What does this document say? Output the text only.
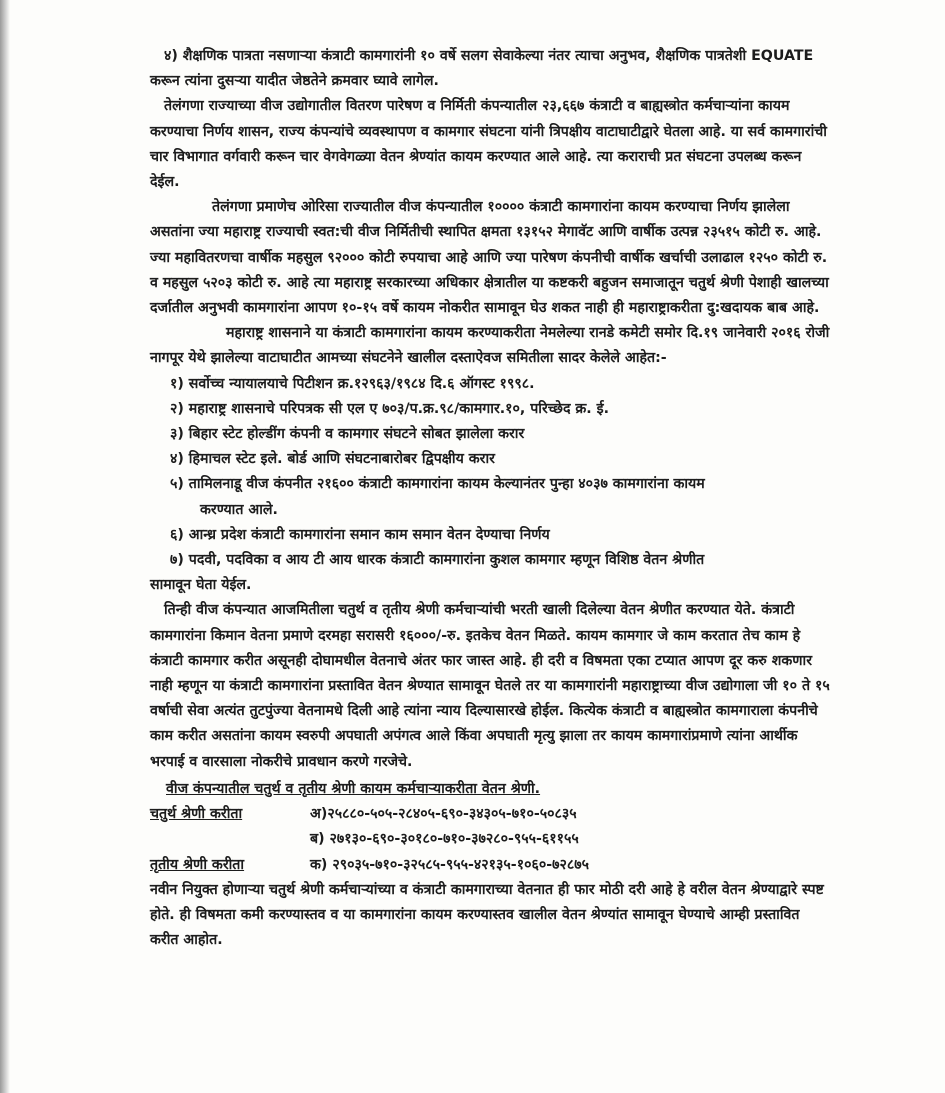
४) शैक्षणिक पात्रता नसणाऱ्या कंत्राटी कामगारांनी १० वर्षे सलग सेवाकेल्या नंतर त्याचा अनुभव, शैक्षणिक पात्रतेशी EQUATE करून त्यांना दुसऱ्या यादीत जेष्ठतेने क्रमवार घ्यावे लागेल.

तेलंगणा राज्याच्या वीज उद्योगातील वितरण पारेषण व निर्मिती कंपन्यातील २३,६६७ कंत्राटी व बाह्यस्त्रोत कर्मचाऱ्यांना कायम करण्याचा निर्णय शासन, राज्य कंपन्यांचे व्यवस्थापण व कामगार संघटना यांनी त्रिपक्षीय वाटाघाटीद्वारे घेतला आहे. या सर्व कामगारांची चार विभागात वर्गवारी करून चार वेगवेगळ्या वेतन श्रेण्यांत कायम करण्यात आले आहे. त्या कराराची प्रत संघटना उपलब्ध करून देईल.

तेलंगणा प्रमाणेच ओरिसा राज्यातील वीज कंपन्यातील १०००० कंत्राटी कामगारांना कायम करण्याचा निर्णय झालेला असतांना ज्या महाराष्ट्र राज्याची स्वत:ची वीज निर्मितीची स्थापित क्षमता १३१५२ मेगावॅट आणि वार्षीक उत्पन्न २३५१५ कोटी रु. आहे. ज्या महावितरणचा वार्षीक महसुल ९२००० कोटी रुपयाचा आहे आणि ज्या पारेषण कंपनीची वार्षीक खर्चाची उलाढाल १२५० कोटी रु. व महसुल ५२०३ कोटी रु. आहे त्या महाराष्ट्र सरकारच्या अधिकार क्षेत्रातील या कष्टकरी बहुजन समाजातून चतुर्थ श्रेणी पेशाही खालच्या दर्जातील अनुभवी कामगारांना आपण १०-१५ वर्षे कायम नोकरीत सामावून घेउ शकत नाही ही महाराष्ट्राकरीता दु:खदायक बाब आहे.

महाराष्ट्र शासनाने या कंत्राटी कामगारांना कायम करण्याकरीता नेमलेल्या रानडे कमेटी समोर दि.१९ जानेवारी २०१६ रोजी नागपूर येथे झालेल्या वाटाघाटीत आमच्या संघटनेने खालील दस्ताऐवज समितीला सादर केलेले आहेत:-

१) सर्वोच्च न्यायालयाचे पिटीशन क्र.१२९६३/१९८४ दि.६ ऑगस्ट १९९८.
२) महाराष्ट्र शासनाचे परिपत्रक सी एल ए ७०३/प.क्र.९८/कामगार.१०, परिच्छेद क्र. ई.
३) बिहार स्टेट होल्डींग कंपनी व कामगार संघटने सोबत झालेला करार
४) हिमाचल स्टेट इले. बोर्ड आणि संघटनाबारोबर द्विपक्षीय करार
५) तामिलनाडू वीज कंपनीत २१६०० कंत्राटी कामगारांना कायम केल्यानंतर पुन्हा ४०३७ कामगारांना कायम
करण्यात आले.
६) आन्ध्र प्रदेश कंत्राटी कामगारांना समान काम समान वेतन देण्याचा निर्णय
७) पदवी, पदविका व आय टी आय धारक कंत्राटी कामगारांना कुशल कामगार म्हणून विशिष्ठ वेतन श्रेणीत

सामावून घेता येईल.

तिन्ही वीज कंपन्यात आजमितीला चतुर्थ व तृतीय श्रेणी कर्मचाऱ्यांची भरती खाली दिलेल्या वेतन श्रेणीत करण्यात येते. कंत्राटी कामगारांना किमान वेतना प्रमाणे दरमहा सरासरी १६०००/-रु. इतकेच वेतन मिळते. कायम कामगार जे काम करतात तेच काम हे कंत्राटी कामगार करीत असूनही दोघामधील वेतनाचे अंतर फार जास्त आहे. ही दरी व विषमता एका टप्यात आपण दूर करु शकणार नाही म्हणून या कंत्राटी कामगारांना प्रस्तावित वेतन श्रेण्यात सामावून घेतले तर या कामगारांनी महाराष्ट्राच्या वीज उद्योगाला जी १० ते १५ वर्षाची सेवा अत्यंत तुटपुंज्या वेतनामधे दिली आहे त्यांना न्याय दिल्यासारखे होईल. कित्येक कंत्राटी व बाह्यस्त्रोत कामगाराला कंपनीचे काम करीत असतांना कायम स्वरुपी अपघाती अपंगत्व आले किंवा अपघाती मृत्यु झाला तर कायम कामगारांप्रमाणे त्यांना आर्थीक भरपाई व वारसाला नोकरीचे प्रावधान करणे गरजेचे.

वीज कंपन्यातील चतुर्थ व तृतीय श्रेणी कायम कर्मचाऱ्याकरीता वेतन श्रेणी.

चतुर्थ श्रेणी करीता	अ)२५८८०-५०५-२८४०५-६९०-३४३०५-७१०-५०८३५
ब) २७१३०-६९०-३०१८०-७१०-३७२८०-९५५-६११५५
तृतीय श्रेणी करीता	क) २९०३५-७१०-३२५८५-९५५-४२१३५-१०६०-७२८७५

नवीन नियुक्त होणाऱ्या चतुर्थ श्रेणी कर्मचाऱ्यांच्या व कंत्राटी कामगाराच्या वेतनात ही फार मोठी दरी आहे हे वरील वेतन श्रेण्याद्वारे स्पष्ट होते. ही विषमता कमी करण्यास्तव व या कामगारांना कायम करण्यास्तव खालील वेतन श्रेण्यांत सामावून घेण्याचे आम्ही प्रस्तावित करीत आहोत.
